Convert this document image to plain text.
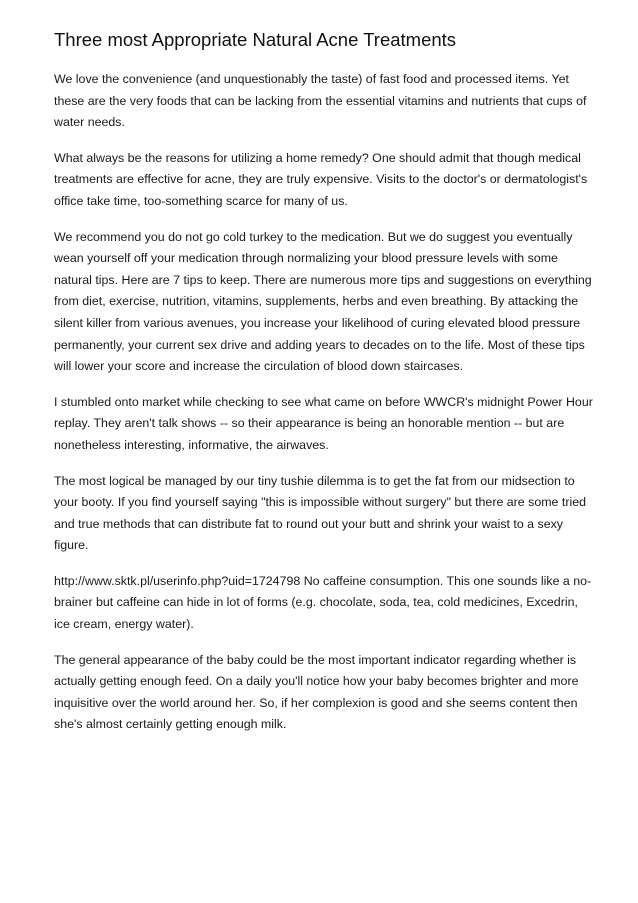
Three most Appropriate Natural Acne Treatments

We love the convenience (and unquestionably the taste) of fast food and processed items. Yet these are the very foods that can be lacking from the essential vitamins and nutrients that cups of water needs.

What always be the reasons for utilizing a home remedy? One should admit that though medical treatments are effective for acne, they are truly expensive. Visits to the doctor's or dermatologist's office take time, too-something scarce for many of us.

We recommend you do not go cold turkey to the medication. But we do suggest you eventually wean yourself off your medication through normalizing your blood pressure levels with some natural tips. Here are 7 tips to keep. There are numerous more tips and suggestions on everything from diet, exercise, nutrition, vitamins, supplements, herbs and even breathing. By attacking the silent killer from various avenues, you increase your likelihood of curing elevated blood pressure permanently, your current sex drive and adding years to decades on to the life. Most of these tips will lower your score and increase the circulation of blood down staircases.

I stumbled onto market while checking to see what came on before WWCR's midnight Power Hour replay. They aren't talk shows -- so their appearance is being an honorable mention -- but are nonetheless interesting, informative, the airwaves.

The most logical be managed by our tiny tushie dilemma is to get the fat from our midsection to your booty. If you find yourself saying "this is impossible without surgery" but there are some tried and true methods that can distribute fat to round out your butt and shrink your waist to a sexy figure.

http://www.sktk.pl/userinfo.php?uid=1724798 No caffeine consumption. This one sounds like a no-brainer but caffeine can hide in lot of forms (e.g. chocolate, soda, tea, cold medicines, Excedrin, ice cream, energy water).

The general appearance of the baby could be the most important indicator regarding whether is actually getting enough feed. On a daily you'll notice how your baby becomes brighter and more inquisitive over the world around her. So, if her complexion is good and she seems content then she's almost certainly getting enough milk.
